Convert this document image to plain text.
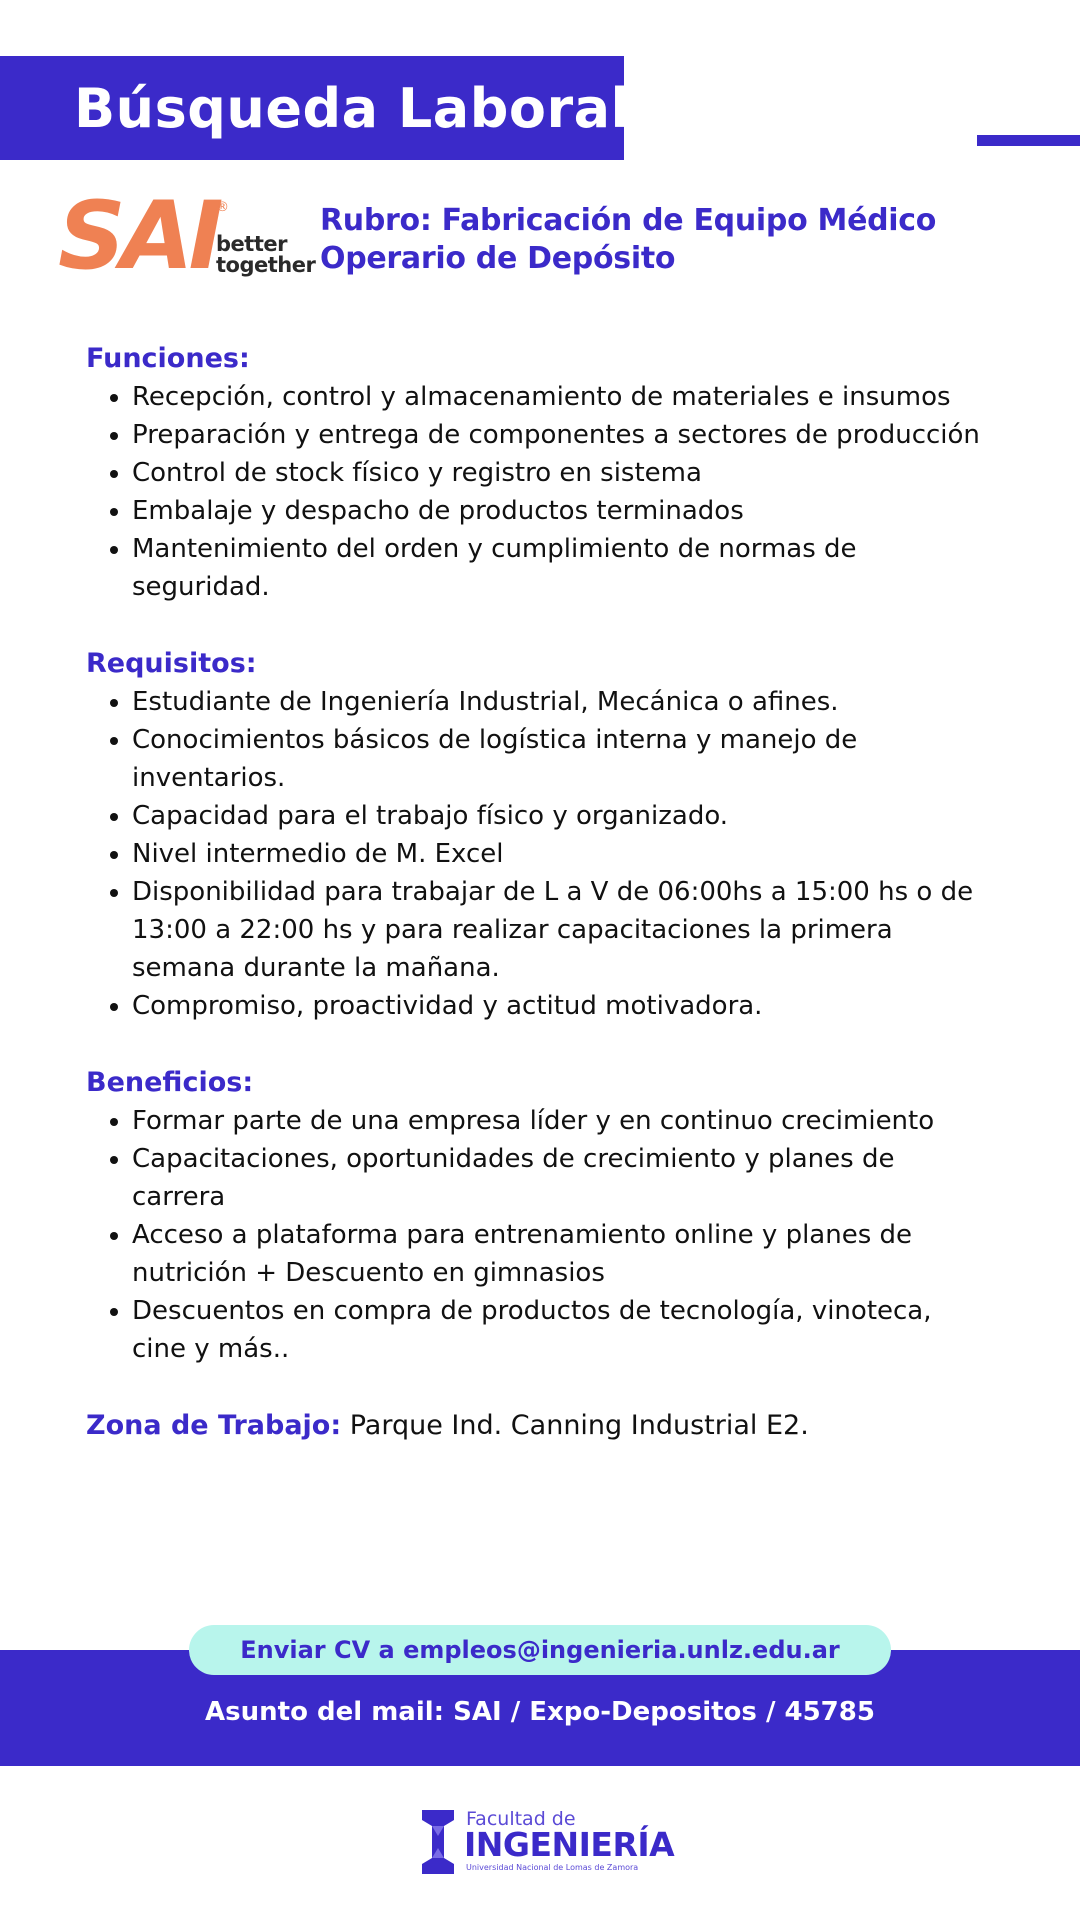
Búsqueda Laboral
SAI
®
better
together
Rubro: Fabricación de Equipo Médico
Operario de Depósito
Funciones:
• Recepción, control y almacenamiento de materiales e insumos
• Preparación y entrega de componentes a sectores de producción
• Control de stock físico y registro en sistema
• Embalaje y despacho de productos terminados
• Mantenimiento del orden y cumplimiento de normas de seguridad.
Requisitos:
• Estudiante de Ingeniería Industrial, Mecánica o afines.
• Conocimientos básicos de logística interna y manejo de inventarios.
• Capacidad para el trabajo físico y organizado.
• Nivel intermedio de M. Excel
• Disponibilidad para trabajar de L a V de 06:00hs a 15:00 hs o de 13:00 a 22:00 hs y para realizar capacitaciones la primera semana durante la mañana.
• Compromiso, proactividad y actitud motivadora.
Beneficios:
• Formar parte de una empresa líder y en continuo crecimiento
• Capacitaciones, oportunidades de crecimiento y planes de carrera
• Acceso a plataforma para entrenamiento online y planes de nutrición + Descuento en gimnasios
• Descuentos en compra de productos de tecnología, vinoteca, cine y más..
Zona de Trabajo: Parque Ind. Canning Industrial E2.
Enviar CV a empleos@ingenieria.unlz.edu.ar
Asunto del mail: SAI / Expo-Depositos / 45785
Facultad de
INGENIERÍA
Universidad Nacional de Lomas de Zamora
